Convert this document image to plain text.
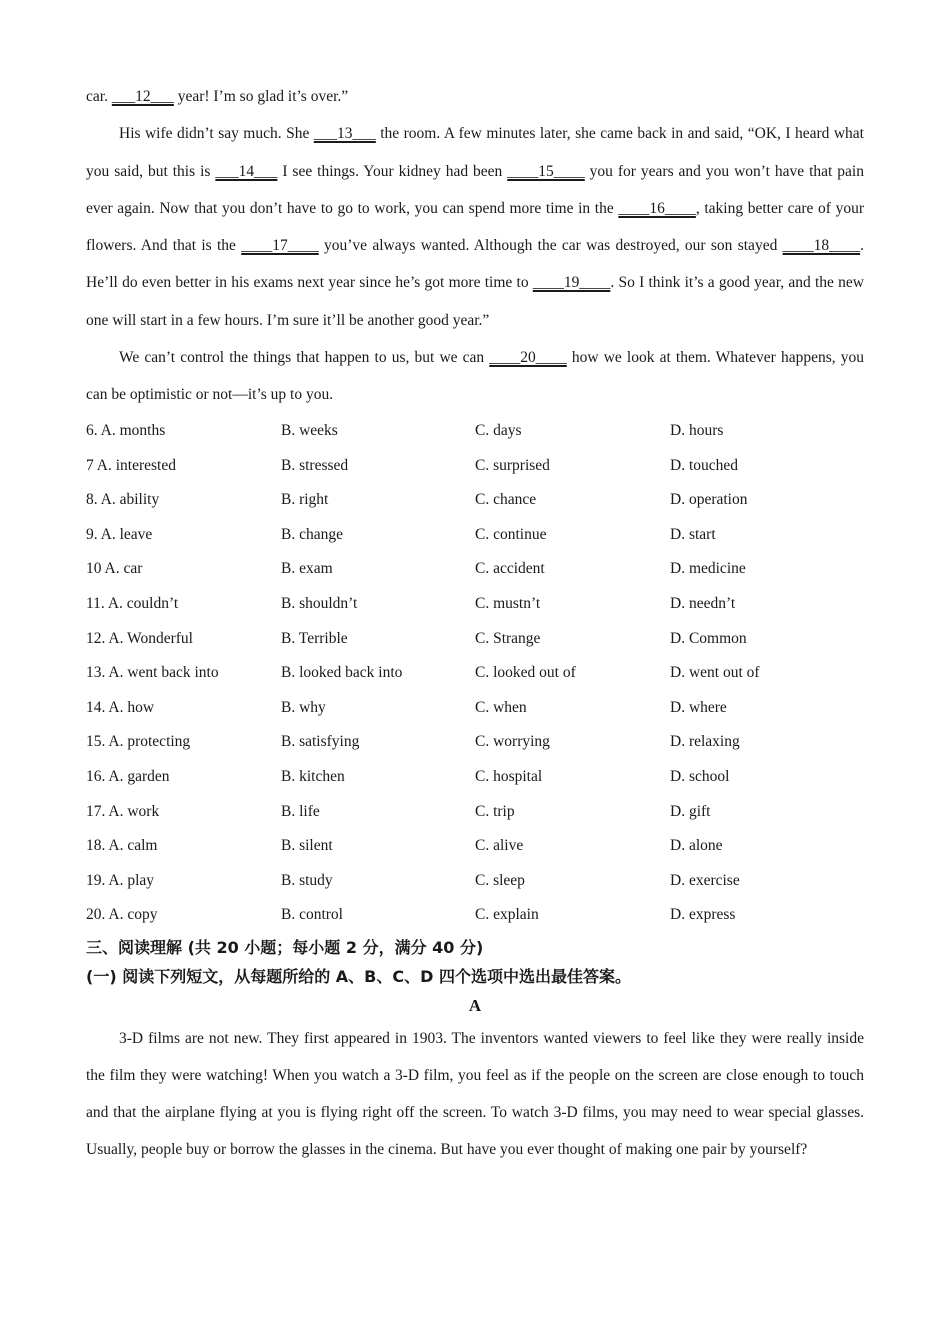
car. ___12___ year! I’m so glad it’s over.”

His wife didn’t say much. She ___13___ the room. A few minutes later, she came back in and said, “OK, I heard what you said, but this is ___14___ I see things. Your kidney had been ____15____ you for years and you won’t have that pain ever again. Now that you don’t have to go to work, you can spend more time in the ____16____, taking better care of your flowers. And that is the ____17____ you’ve always wanted. Although the car was destroyed, our son stayed ____18____. He’ll do even better in his exams next year since he’s got more time to ____19____. So I think it’s a good year, and the new one will start in a few hours. I’m sure it’ll be another good year.”

We can’t control the things that happen to us, but we can ____20____ how we look at them. Whatever happens, you can be optimistic or not—it’s up to you.

6. A. months	B. weeks	C. days	D. hours
7 A. interested	B. stressed	C. surprised	D. touched
8. A. ability	B. right	C. chance	D. operation
9. A. leave	B. change	C. continue	D. start
10 A. car	B. exam	C. accident	D. medicine
11. A. couldn’t	B. shouldn’t	C. mustn’t	D. needn’t
12. A. Wonderful	B. Terrible	C. Strange	D. Common
13. A. went back into	B. looked back into	C. looked out of	D. went out of
14. A. how	B. why	C. when	D. where
15. A. protecting	B. satisfying	C. worrying	D. relaxing
16. A. garden	B. kitchen	C. hospital	D. school
17. A. work	B. life	C. trip	D. gift
18. A. calm	B. silent	C. alive	D. alone
19. A. play	B. study	C. sleep	D. exercise
20. A. copy	B. control	C. explain	D. express

三、阅读理解 (共 20 小题；每小题 2 分，满分 40 分)

(一) 阅读下列短文，从每题所给的 A、B、C、D 四个选项中选出最佳答案。

A

3-D films are not new. They first appeared in 1903. The inventors wanted viewers to feel like they were really inside the film they were watching! When you watch a 3-D film, you feel as if the people on the screen are close enough to touch and that the airplane flying at you is flying right off the screen. To watch 3-D films, you may need to wear special glasses. Usually, people buy or borrow the glasses in the cinema. But have you ever thought of making one pair by yourself?
